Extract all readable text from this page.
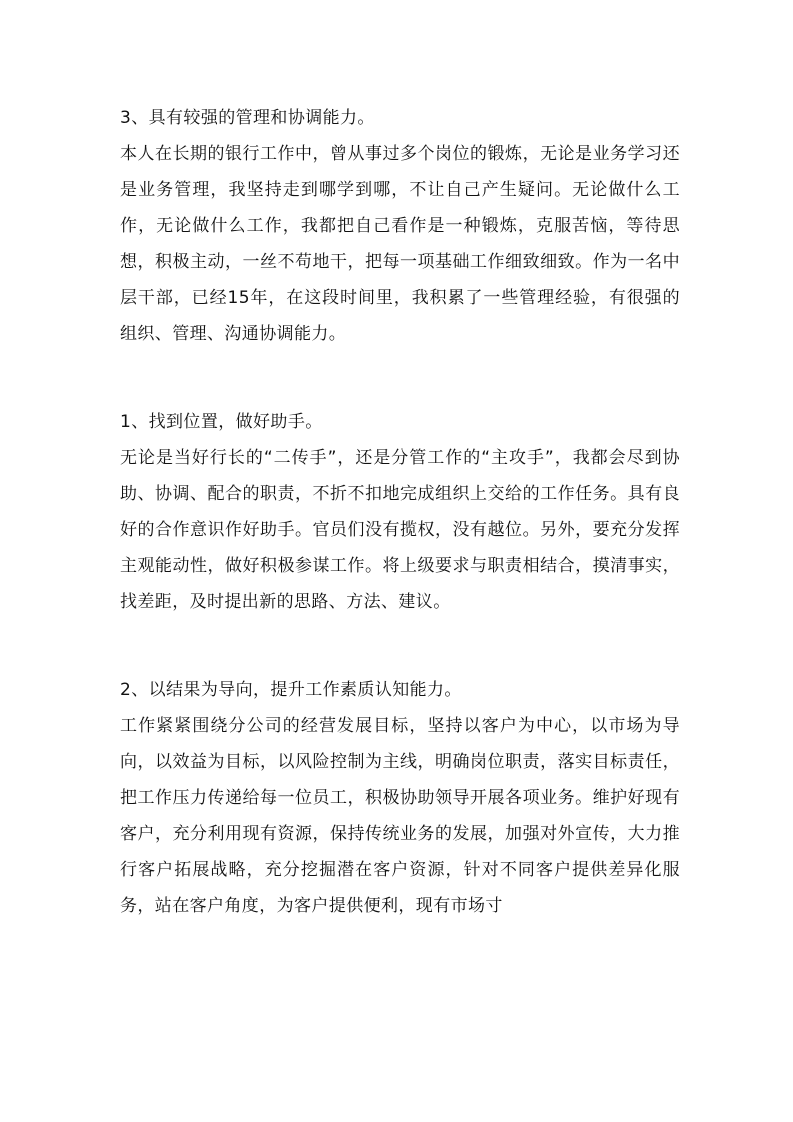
3、具有较强的管理和协调能力。

本人在长期的银行工作中，曾从事过多个岗位的锻炼，无论是业务学习还是业务管理，我坚持走到哪学到哪，不让自己产生疑问。无论做什么工作，无论做什么工作，我都把自己看作是一种锻炼，克服苦恼，等待思想，积极主动，一丝不苟地干，把每一项基础工作细致细致。作为一名中层干部，已经15年，在这段时间里，我积累了一些管理经验，有很强的组织、管理、沟通协调能力。

1、找到位置，做好助手。

无论是当好行长的“二传手”，还是分管工作的“主攻手”，我都会尽到协助、协调、配合的职责，不折不扣地完成组织上交给的工作任务。具有良好的合作意识作好助手。官员们没有揽权，没有越位。另外，要充分发挥主观能动性，做好积极参谋工作。将上级要求与职责相结合，摸清事实，找差距，及时提出新的思路、方法、建议。

2、以结果为导向，提升工作素质认知能力。

工作紧紧围绕分公司的经营发展目标，坚持以客户为中心，以市场为导向，以效益为目标，以风险控制为主线，明确岗位职责，落实目标责任，把工作压力传递给每一位员工，积极协助领导开展各项业务。维护好现有客户，充分利用现有资源，保持传统业务的发展，加强对外宣传，大力推行客户拓展战略，充分挖掘潜在客户资源，针对不同客户提供差异化服务，站在客户角度，为客户提供便利，现有市场寸
